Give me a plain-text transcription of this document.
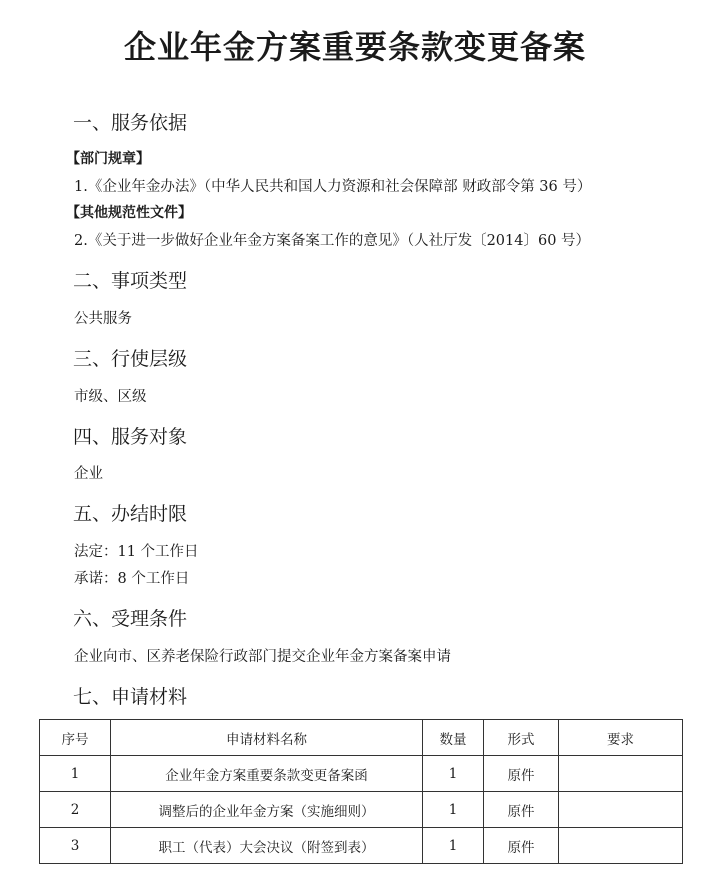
企业年金方案重要条款变更备案
一、服务依据
【部门规章】
1.《企业年金办法》（中华人民共和国人力资源和社会保障部 财政部令第 36 号）
【其他规范性文件】
2.《关于进一步做好企业年金方案备案工作的意见》（人社厅发〔2014〕60 号）
二、事项类型
公共服务
三、行使层级
市级、区级
四、服务对象
企业
五、办结时限
法定：11 个工作日
承诺：8 个工作日
六、受理条件
企业向市、区养老保险行政部门提交企业年金方案备案申请
七、申请材料
序号	申请材料名称	数量	形式	要求
1	企业年金方案重要条款变更备案函	1	原件	
2	调整后的企业年金方案（实施细则）	1	原件	
3	职工（代表）大会决议（附签到表）	1	原件	
